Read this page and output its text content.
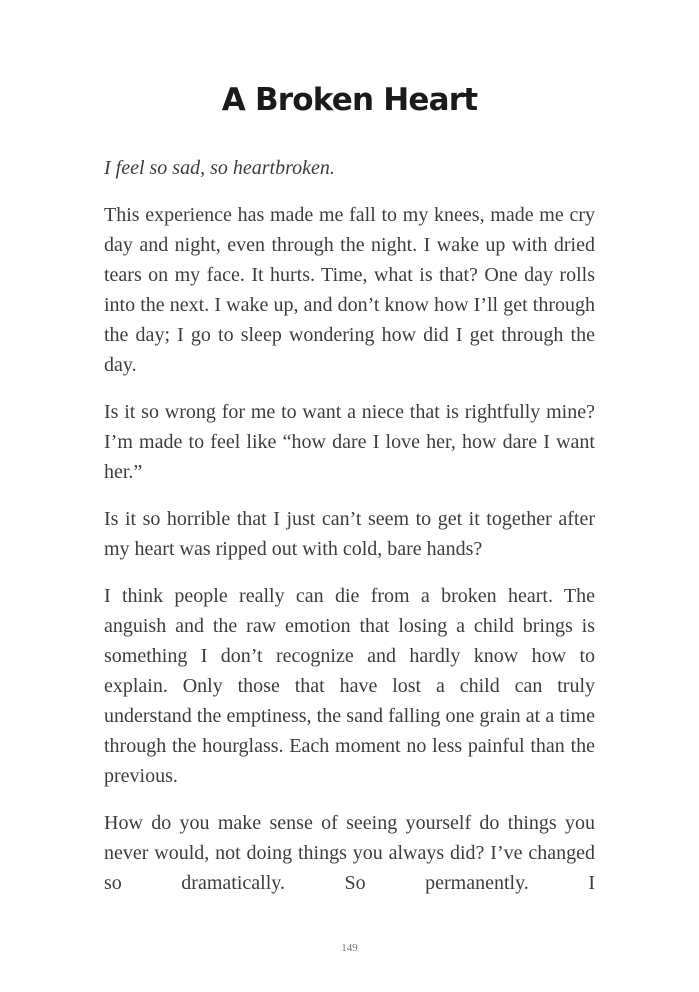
A Broken Heart

I feel so sad, so heartbroken.

This experience has made me fall to my knees, made me cry day and night, even through the night. I wake up with dried tears on my face. It hurts. Time, what is that? One day rolls into the next. I wake up, and don’t know how I’ll get through the day; I go to sleep wondering how did I get through the day.

Is it so wrong for me to want a niece that is rightfully mine? I’m made to feel like “how dare I love her, how dare I want her.”

Is it so horrible that I just can’t seem to get it together after my heart was ripped out with cold, bare hands?

I think people really can die from a broken heart. The anguish and the raw emotion that losing a child brings is something I don’t recognize and hardly know how to explain. Only those that have lost a child can truly understand the emptiness, the sand falling one grain at a time through the hourglass. Each moment no less painful than the previous.

How do you make sense of seeing yourself do things you never would, not doing things you always did? I’ve changed so dramatically. So permanently. I

149
